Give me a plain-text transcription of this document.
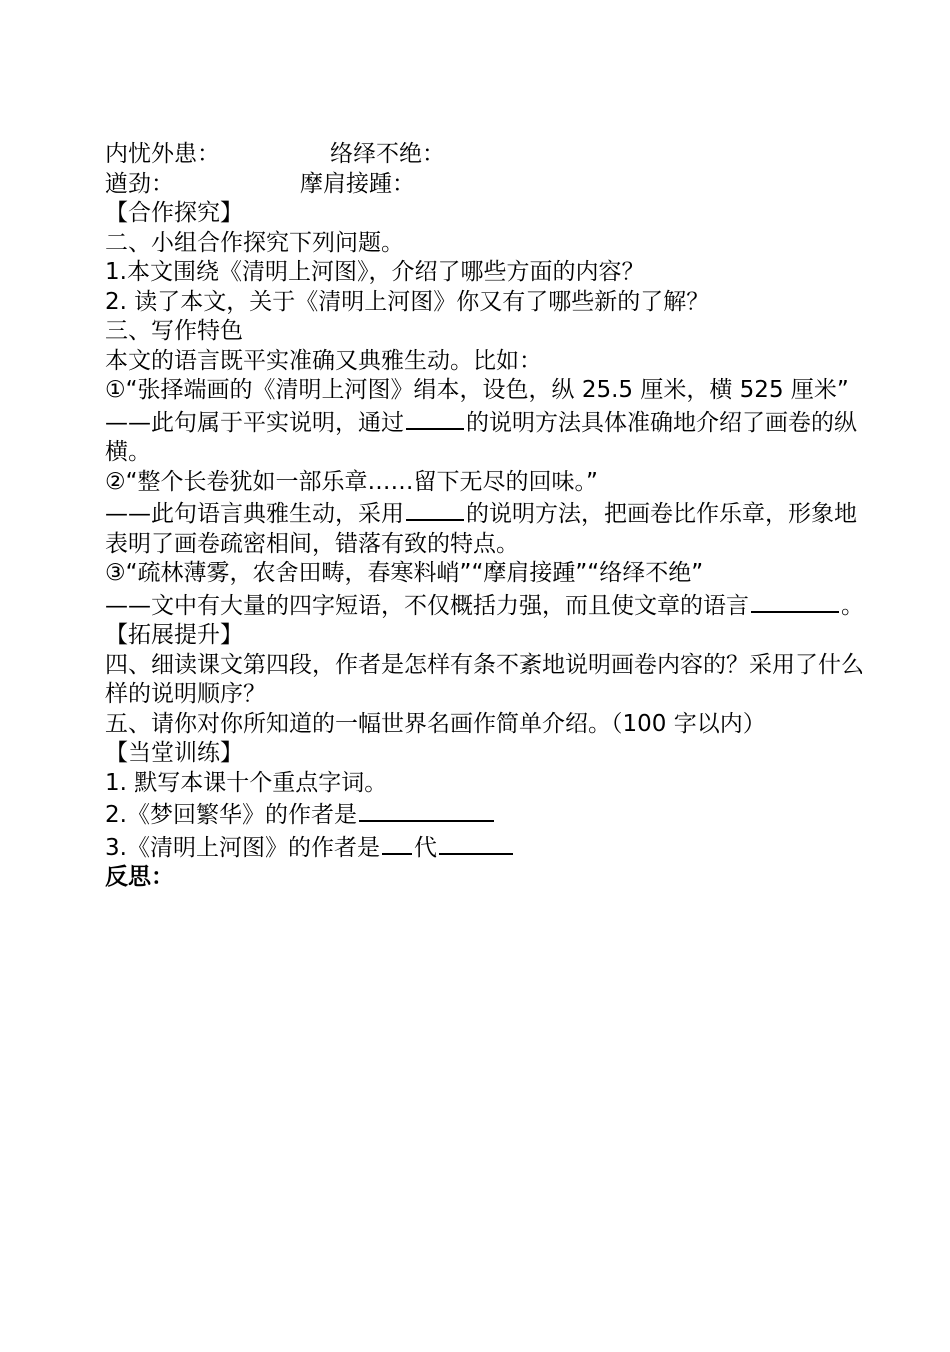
内忧外患：	络绎不绝：
遒劲：	摩肩接踵：
【合作探究】
二、小组合作探究下列问题。
1.本文围绕《清明上河图》，介绍了哪些方面的内容？
2. 读了本文，关于《清明上河图》你又有了哪些新的了解？
三、写作特色
本文的语言既平实准确又典雅生动。比如：
①“张择端画的《清明上河图》绢本，设色，纵 25.5 厘米，横 525 厘米”
——此句属于平实说明，通过	的说明方法具体准确地介绍了画卷的纵横。
②“整个长卷犹如一部乐章……留下无尽的回味。”
——此句语言典雅生动，采用	的说明方法，把画卷比作乐章，形象地表明了画卷疏密相间，错落有致的特点。
③“疏林薄雾，农舍田畴，春寒料峭”“摩肩接踵”“络绎不绝”
——文中有大量的四字短语，不仅概括力强，而且使文章的语言	。
【拓展提升】
四、细读课文第四段，作者是怎样有条不紊地说明画卷内容的？采用了什么样的说明顺序？
五、请你对你所知道的一幅世界名画作简单介绍。（100 字以内）
【当堂训练】
1. 默写本课十个重点字词。
2.《梦回繁华》的作者是
3.《清明上河图》的作者是 代
反思：
